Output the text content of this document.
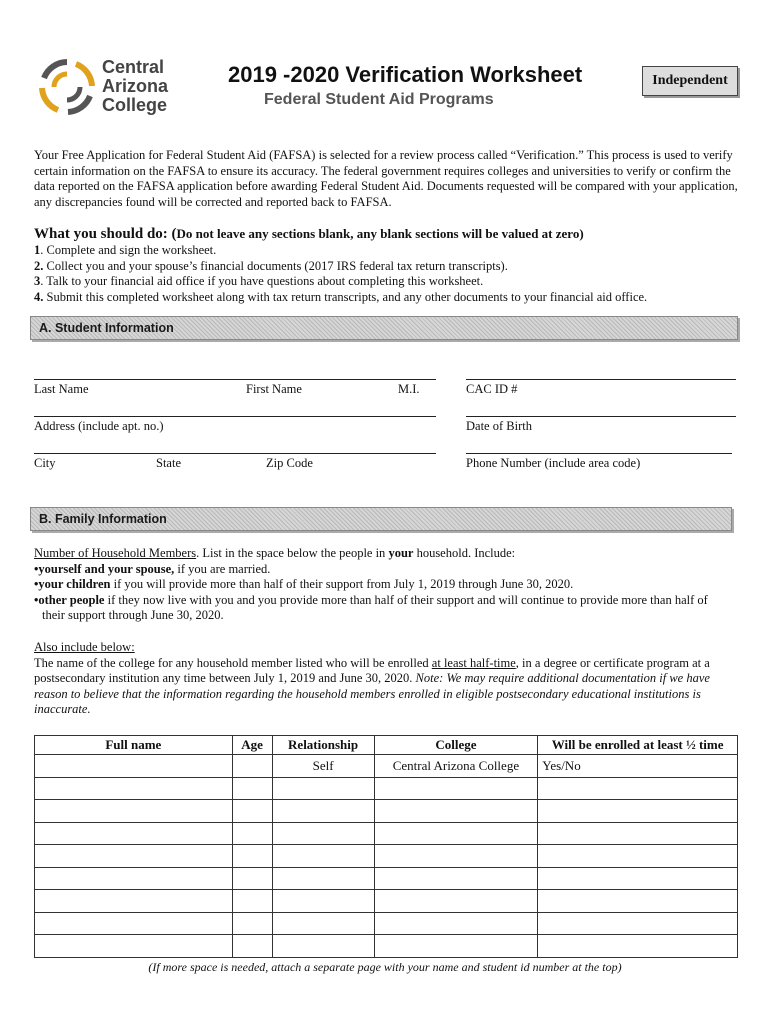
Central
Arizona
College
2019 -2020 Verification Worksheet
Federal Student Aid Programs
Independent
Your Free Application for Federal Student Aid (FAFSA) is selected for a review process called “Verification.” This process is used to verify certain information on the FAFSA to ensure its accuracy. The federal government requires colleges and universities to verify or confirm the data reported on the FAFSA application before awarding Federal Student Aid. Documents requested will be compared with your application, any discrepancies found will be corrected and reported back to FAFSA.
What you should do: (Do not leave any sections blank, any blank sections will be valued at zero)
1. Complete and sign the worksheet.
2. Collect you and your spouse’s financial documents (2017 IRS federal tax return transcripts).
3. Talk to your financial aid office if you have questions about completing this worksheet.
4. Submit this completed worksheet along with tax return transcripts, and any other documents to your financial aid office.
A. Student Information
Last Name	First Name	M.I.	CAC ID #
Address (include apt. no.)	Date of Birth
City	State	Zip Code	Phone Number (include area code)
B. Family Information
Number of Household Members. List in the space below the people in your household. Include:
•yourself and your spouse, if you are married.
•your children if you will provide more than half of their support from July 1, 2019 through June 30, 2020.
•other people if they now live with you and you provide more than half of their support and will continue to provide more than half of
their support through June 30, 2020.
Also include below:
The name of the college for any household member listed who will be enrolled at least half-time, in a degree or certificate program at a postsecondary institution any time between July 1, 2019 and June 30, 2020. Note: We may require additional documentation if we have reason to believe that the information regarding the household members enrolled in eligible postsecondary educational institutions is inaccurate.
Full name	Age	Relationship	College	Will be enrolled at least ½ time
		Self	Central Arizona College	Yes/No

(If more space is needed, attach a separate page with your name and student id number at the top)
